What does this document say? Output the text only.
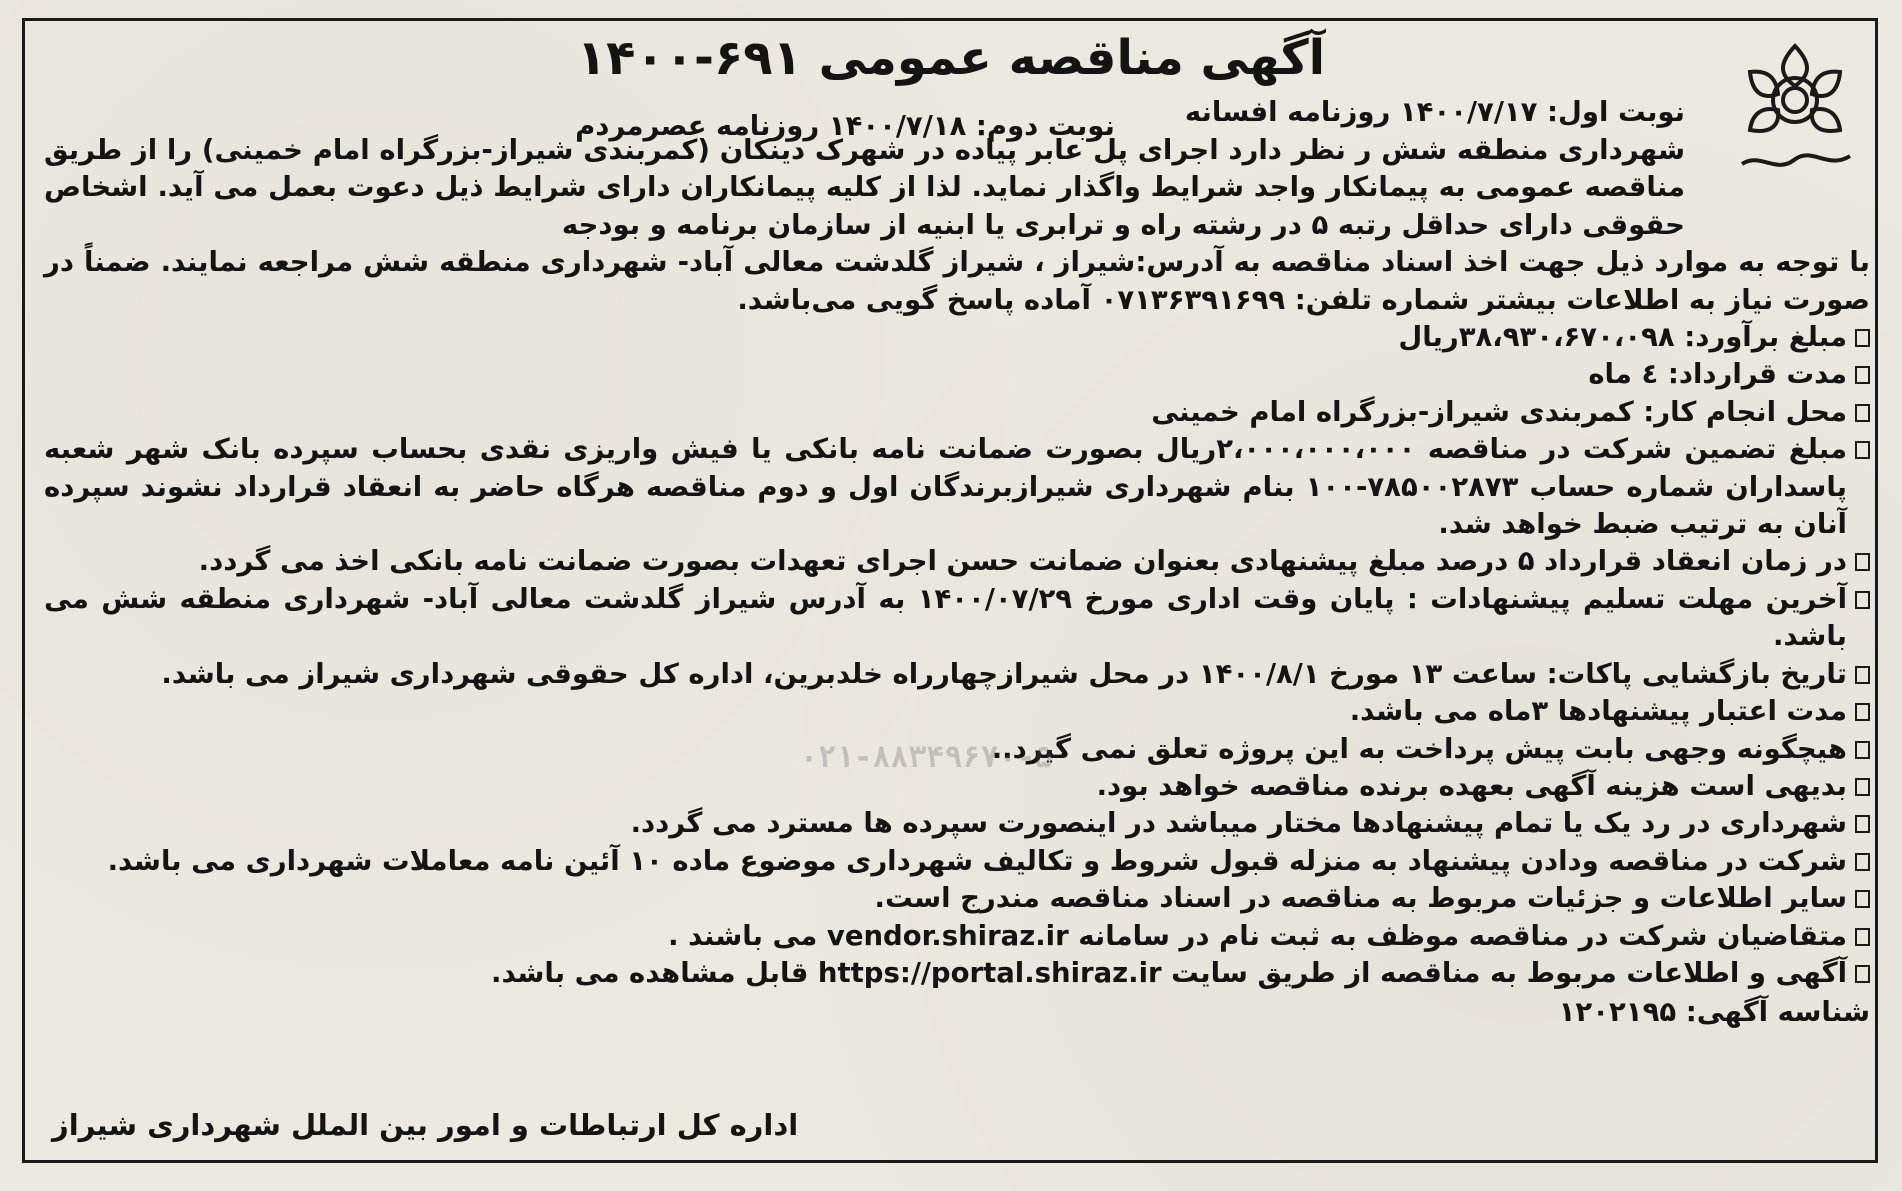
آگهی مناقصه عمومی ۶۹۱-۱۴۰۰
نوبت اول: ۱۴۰۰/۷/۱۷ روزنامه افسانه
نوبت دوم: ۱۴۰۰/۷/۱۸ روزنامه عصرمردم
شهرداری منطقه شش ر نظر دارد اجرای پل عابر پیاده در شهرک دینکان (کمربندی شیراز-بزرگراه امام خمینی) را از طریق مناقصه عمومی به پیمانکار واجد شرایط واگذار نماید. لذا از کلیه پیمانکاران دارای شرایط ذیل دعوت بعمل می آید. اشخاص حقوقی دارای حداقل رتبه ۵ در رشته راه و ترابری یا ابنیه از سازمان برنامه و بودجه
با توجه به موارد ذیل جهت اخذ اسناد مناقصه به آدرس:شیراز ، شیراز گلدشت معالی آباد- شهرداری منطقه شش مراجعه نمایند. ضمناً در صورت نیاز به اطلاعات بیشتر شماره تلفن: ۰۷۱۳۶۳۹۱۶۹۹ آماده پاسخ گویی می‌باشد.
مبلغ برآورد: ۳۸،۹۳۰،۶۷۰،۰۹۸ریال
مدت قرارداد: ٤ ماه
محل انجام کار: کمربندی شیراز-بزرگراه امام خمینی
مبلغ تضمین شرکت در مناقصه ۲،۰۰۰،۰۰۰،۰۰۰ریال بصورت ضمانت نامه بانکی یا فیش واریزی نقدی بحساب سپرده بانک شهر شعبه پاسداران شماره حساب ۷۸۵۰۰۲۸۷۳-۱۰۰ بنام شهرداری شیرازبرندگان اول و دوم مناقصه هرگاه حاضر به انعقاد قرارداد نشوند سپرده آنان به ترتیب ضبط خواهد شد.
در زمان انعقاد قرارداد ۵ درصد مبلغ پیشنهادی بعنوان ضمانت حسن اجرای تعهدات بصورت ضمانت نامه بانکی اخذ می گردد.
آخرین مهلت تسلیم پیشنهادات : پایان وقت اداری مورخ ۱۴۰۰/۰۷/۲۹ به آدرس شیراز گلدشت معالی آباد- شهرداری منطقه شش می باشد.
تاریخ بازگشایی پاکات: ساعت ۱۳ مورخ ۱۴۰۰/۸/۱ در محل شیرازچهارراه خلدبرین، اداره کل حقوقی شهرداری شیراز می باشد.
مدت اعتبار پیشنهادها ۳ماه می باشد.
هیچگونه وجهی بابت پیش پرداخت به این پروژه تعلق نمی گیرد..
بدیهی است هزینه آگهی بعهده برنده مناقصه خواهد بود.
شهرداری در رد یک یا تمام پیشنهادها مختار میباشد در اینصورت سپرده ها مسترد می گردد.
شرکت در مناقصه ودادن پیشنهاد به منزله قبول شروط و تکالیف شهرداری موضوع ماده ۱۰ آئین نامه معاملات شهرداری می باشد.
سایر اطلاعات و جزئیات مربوط به مناقصه در اسناد مناقصه مندرج است.
متقاضیان شرکت در مناقصه موظف به ثبت نام در سامانه vendor.shiraz.ir می باشند .
آگهی و اطلاعات مربوط به مناقصه از طریق سایت https://portal.shiraz.ir قابل مشاهده می باشد.
شناسه آگهی: ۱۲۰۲۱۹۵
اداره کل ارتباطات و امور بین الملل شهرداری شیراز
۰۲۱-۸۸۳۴۹۶۷۰-۵
